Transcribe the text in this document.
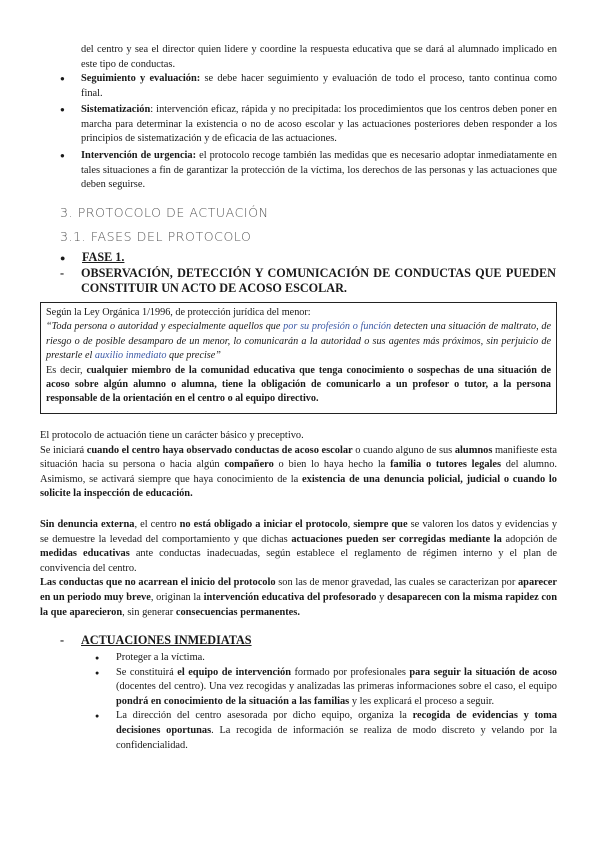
del centro y sea el director quien lidere y coordine la respuesta educativa que se dará al alumnado implicado en este tipo de conductas.

● Seguimiento y evaluación: se debe hacer seguimiento y evaluación de todo el proceso, tanto continua como final.
● Sistematización: intervención eficaz, rápida y no precipitada: los procedimientos que los centros deben poner en marcha para determinar la existencia o no de acoso escolar y las actuaciones posteriores deben responder a los principios de sistematización y de eficacia de las actuaciones.
● Intervención de urgencia: el protocolo recoge también las medidas que es necesario adoptar inmediatamente en tales situaciones a fin de garantizar la protección de la víctima, los derechos de las personas y las actuaciones que deben seguirse.
3. PROTOCOLO DE ACTUACIÓN
3.1. FASES DEL PROTOCOLO
● FASE 1.
- OBSERVACIÓN, DETECCIÓN Y COMUNICACIÓN DE CONDUCTAS QUE PUEDEN CONSTITUIR UN ACTO DE ACOSO ESCOLAR.

Según la Ley Orgánica 1/1996, de protección jurídica del menor:

“Toda persona o autoridad y especialmente aquellos que por su profesión o función detecten una situación de maltrato, de riesgo o de posible desamparo de un menor, lo comunicarán a la autoridad o sus agentes más próximos, sin perjuicio de prestarle el auxilio inmediato que precise”

Es decir, cualquier miembro de la comunidad educativa que tenga conocimiento o sospechas de una situación de acoso sobre algún alumno o alumna, tiene la obligación de comunicarlo a un profesor o tutor, a la persona responsable de la orientación en el centro o al equipo directivo.

El protocolo de actuación tiene un carácter básico y preceptivo.

Se iniciará cuando el centro haya observado conductas de acoso escolar o cuando alguno de sus alumnos manifieste esta situación hacia su persona o hacia algún compañero o bien lo haya hecho la familia o tutores legales del alumno. Asimismo, se activará siempre que haya conocimiento de la existencia de una denuncia policial, judicial o cuando lo solicite la inspección de educación.

Sin denuncia externa, el centro no está obligado a iniciar el protocolo, siempre que se valoren los datos y evidencias y se demuestre la levedad del comportamiento y que dichas actuaciones pueden ser corregidas mediante la adopción de medidas educativas ante conductas inadecuadas, según establece el reglamento de régimen interno y el plan de convivencia del centro.

Las conductas que no acarrean el inicio del protocolo son las de menor gravedad, las cuales se caracterizan por aparecer en un periodo muy breve, originan la intervención educativa del profesorado y desaparecen con la misma rapidez con la que aparecieron, sin generar consecuencias permanentes.

- ACTUACIONES INMEDIATAS
● Proteger a la víctima.
● Se constituirá el equipo de intervención formado por profesionales para seguir la situación de acoso (docentes del centro). Una vez recogidas y analizadas las primeras informaciones sobre el caso, el equipo pondrá en conocimiento de la situación a las familias y les explicará el proceso a seguir.
● La dirección del centro asesorada por dicho equipo, organiza la recogida de evidencias y toma decisiones oportunas. La recogida de información se realiza de modo discreto y velando por la confidencialidad.
